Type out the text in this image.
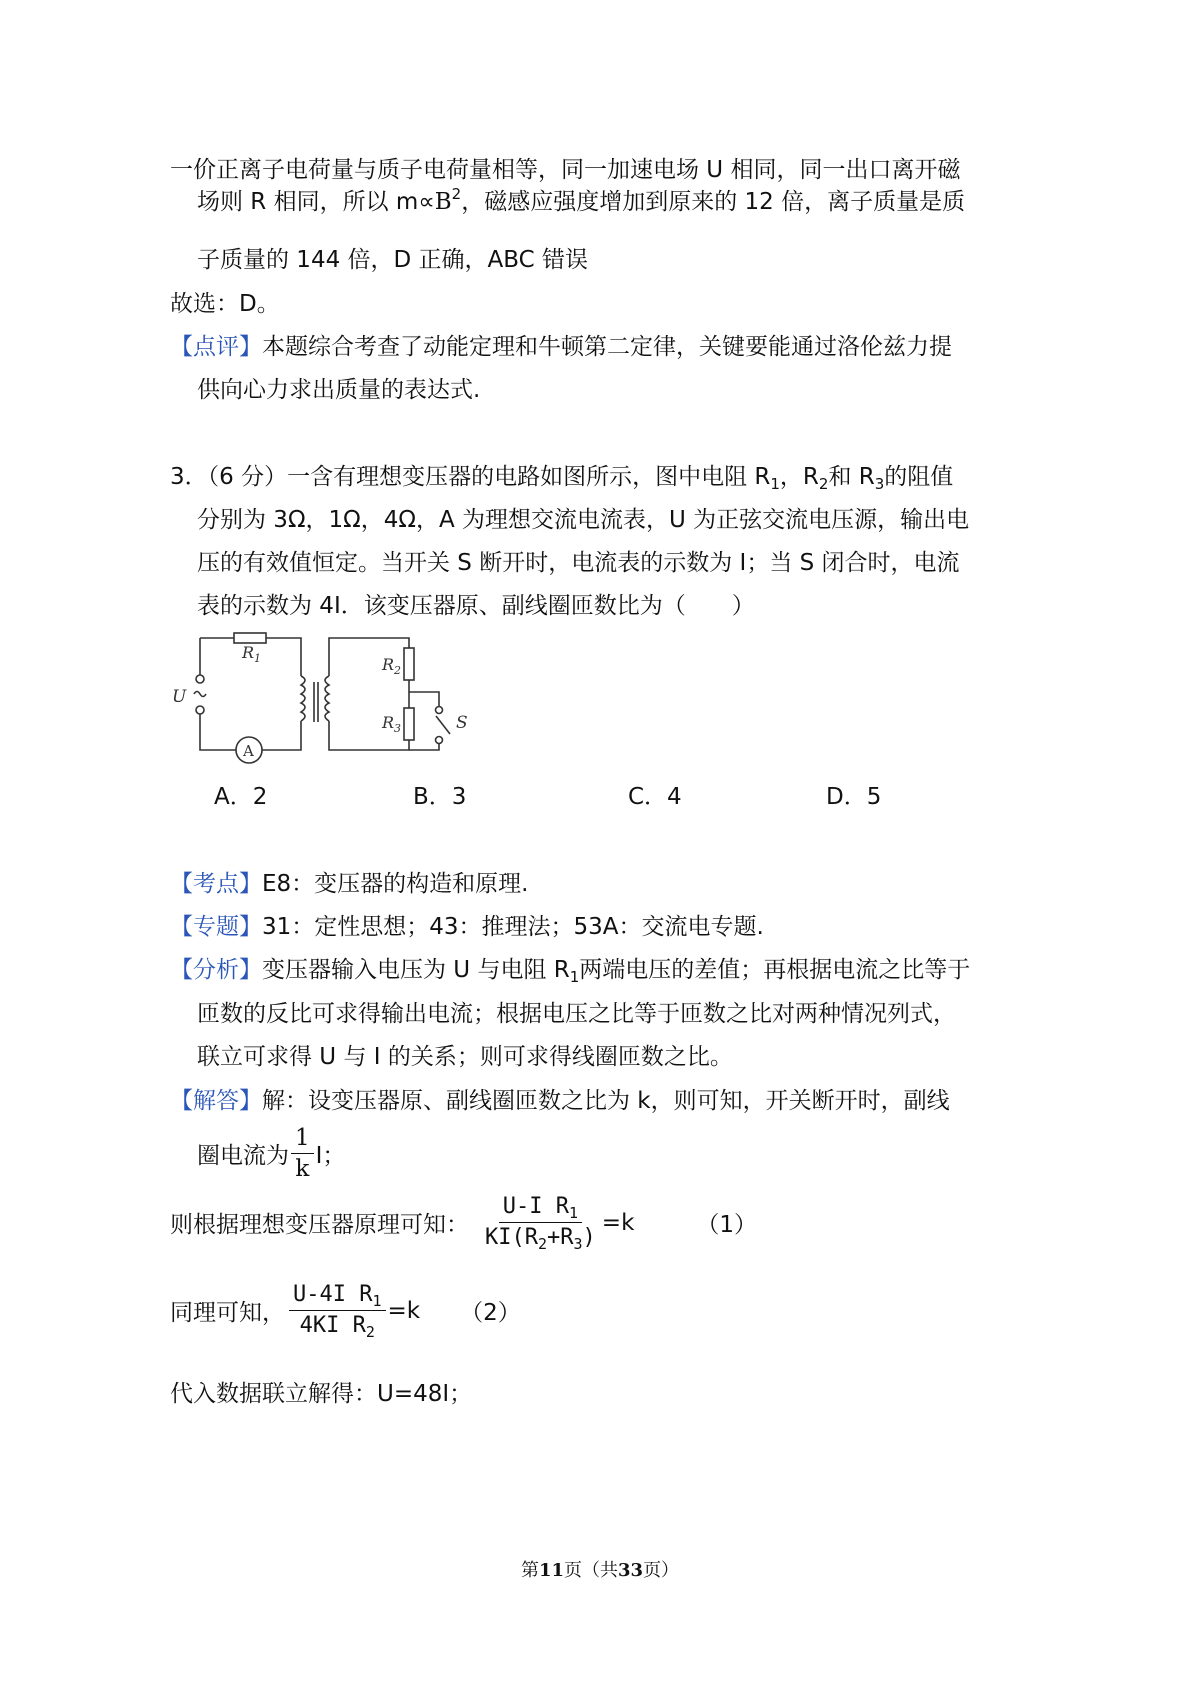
一价正离子电荷量与质子电荷量相等，同一加速电场 U 相同，同一出口离开磁
场则 R 相同，所以 $m\propto B^2$，磁感应强度增加到原来的 12 倍，离子质量是质
子质量的 144 倍，D 正确，ABC 错误
故选：D。
【点评】本题综合考查了动能定理和牛顿第二定律，关键要能通过洛伦兹力提
供向心力求出质量的表达式.
3．（6 分）一含有理想变压器的电路如图所示，图中电阻 $R_1$，$R_2$和 $R_3$的阻值
分别为 3Ω，1Ω，4Ω，A 为理想交流电流表，U 为正弦交流电压源，输出电
压的有效值恒定。当开关 S 断开时，电流表的示数为 I；当 S 闭合时，电流
表的示数为 4I．该变压器原、副线圈匝数比为（　　）
$R_1$	$R_2$
$R_3$
U
S
A
A．2	B．3	C．4	D．5
【考点】E8：变压器的构造和原理.
【专题】31：定性思想；43：推理法；53A：交流电专题.
【分析】变压器输入电压为 U 与电阻 $R_1$两端电压的差值；再根据电流之比等于
匝数的反比可求得输出电流；根据电压之比等于匝数之比对两种情况列式，
联立可求得 U 与 I 的关系；则可求得线圈匝数之比。
【解答】解：设变压器原、副线圈匝数之比为 k，则可知，开关断开时，副线
圈电流为 $\frac{1}{k}$ I；
则根据理想变压器原理可知： $\frac{U-I R_1}{KI(R_2+R_3)} =k$	（1）
同理可知， $\frac{U-4I R_1}{4KI R_2} =k$ （2）
代入数据联立解得：U=48I；
第11页（共33页）
